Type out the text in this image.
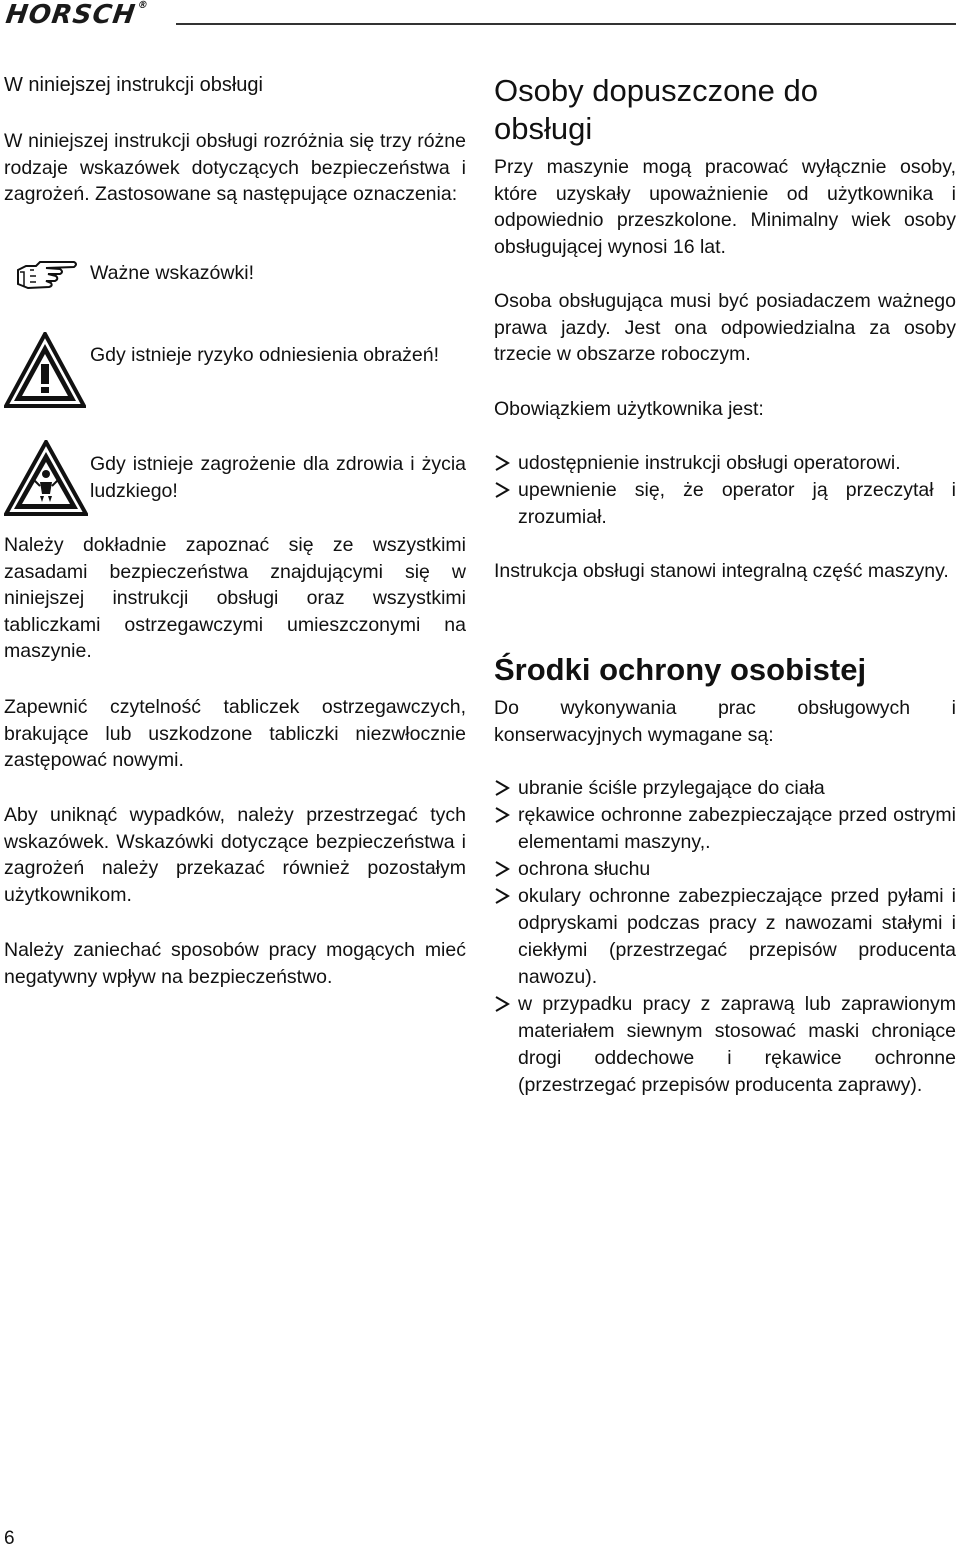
HORSCH®
W niniejszej instrukcji obsługi
W niniejszej instrukcji obsługi rozróżnia się trzy różne rodzaje wskazówek dotyczących bezpieczeństwa i zagrożeń. Zastosowane są następujące oznaczenia:
Ważne wskazówki!
Gdy istnieje ryzyko odniesienia obrażeń!
Gdy istnieje zagrożenie dla zdrowia i życia ludzkiego!
Należy dokładnie zapoznać się ze wszystkimi zasadami bezpieczeństwa znajdującymi się w niniejszej instrukcji obsługi oraz wszystkimi tabliczkami ostrzegawczymi umieszczonymi na maszynie.
Zapewnić czytelność tabliczek ostrzegawczych, brakujące lub uszkodzone tabliczki niezwłocznie zastępować nowymi.
Aby uniknąć wypadków, należy przestrzegać tych wskazówek. Wskazówki dotyczące bezpieczeństwa i zagrożeń należy przekazać również pozostałym użytkownikom.
Należy zaniechać sposobów pracy mogących mieć negatywny wpływ na bezpieczeństwo.
Osoby dopuszczone do
obsługi
Przy maszynie mogą pracować wyłącznie osoby, które uzyskały upoważnienie od użytkownika i odpowiednio przeszkolone. Minimalny wiek osoby obsługującej wynosi 16 lat.
Osoba obsługująca musi być posiadaczem ważnego prawa jazdy. Jest ona odpowiedzialna za osoby trzecie w obszarze roboczym.
Obowiązkiem użytkownika jest:
udostępnienie instrukcji obsługi operatorowi.
upewnienie się, że operator ją przeczytał i zrozumiał.
Instrukcja obsługi stanowi integralną część maszyny.
Środki ochrony osobistej
Do wykonywania prac obsługowych i konserwacyjnych wymagane są:
ubranie ściśle przylegające do ciała
rękawice ochronne zabezpieczające przed ostrymi elementami maszyny,.
ochrona słuchu
okulary ochronne zabezpieczające przed pyłami i odpryskami podczas pracy z nawozami stałymi i ciekłymi (przestrzegać przepisów producenta nawozu).
w przypadku pracy z zaprawą lub zaprawionym materiałem siewnym stosować maski chroniące drogi oddechowe i rękawice ochronne (przestrzegać przepisów producenta zaprawy).
6
